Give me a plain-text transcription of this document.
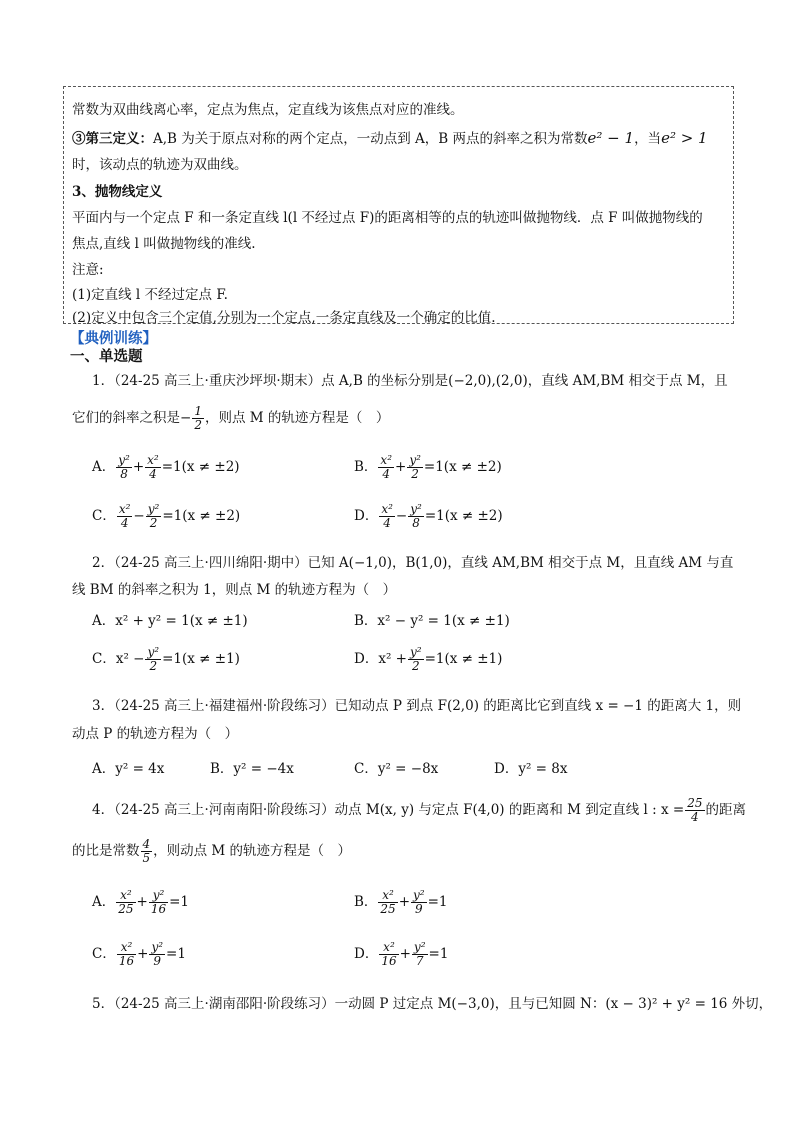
常数为双曲线离心率，定点为焦点，定直线为该焦点对应的准线。
③第三定义：A,B 为关于原点对称的两个定点，一动点到 A，B 两点的斜率之积为常数e² − 1，当e² > 1
时，该动点的轨迹为双曲线。
3、抛物线定义
平面内与一个定点 F 和一条定直线 l(l 不经过点 F)的距离相等的点的轨迹叫做抛物线．点 F 叫做抛物线的
焦点,直线 l 叫做抛物线的准线.
注意:
(1)定直线 l 不经过定点 F.
(2)定义中包含三个定值,分别为一个定点,一条定直线及一个确定的比值.
【典例训练】
一、单选题
1．（24-25 高三上·重庆沙坪坝·期末）点 A,B 的坐标分别是(−2,0),(2,0)，直线 AM,BM 相交于点 M，且
它们的斜率之积是− $\frac{1}{2}$ ，则点 M 的轨迹方程是（　）
A． $\frac{\text{y²}}{8} + \frac{\text{x²}}{4} =1(x \ne \pm 2)$	B． $\frac{\text{x²}}{4} + \frac{\text{y²}}{2} =1(x \ne \pm 2)$
C． $\frac{\text{x²}}{4} - \frac{\text{y²}}{2} =1(x \ne \pm 2)$	D． $\frac{\text{x²}}{4} - \frac{\text{y²}}{8} =1(x \ne \pm 2)$
2．（24-25 高三上·四川绵阳·期中）已知 A(−1,0)，B(1,0)，直线 AM,BM 相交于点 M，且直线 AM 与直
线 BM 的斜率之积为 1，则点 M 的轨迹方程为（　）
A．x² + y² = 1(x ≠ ±1)	B．x² − y² = 1(x ≠ ±1)
C．$x^2 - \frac{\text{y²}}{2} =1(x \ne \pm 1)$	D．$x^2 + \frac{\text{y²}}{2} =1(x \ne \pm 1)$
3．（24-25 高三上·福建福州·阶段练习）已知动点 P 到点 F(2,0) 的距离比它到直线 x = −1 的距离大 1，则
动点 P 的轨迹方程为（　）
A．y² = 4x	B．y² = −4x	C．y² = −8x	D．y² = 8x
4．（24-25 高三上·河南南阳·阶段练习）动点 M(x, y) 与定点 F(4,0) 的距离和 M 到定直线 l : $x = \frac{25}{4}$ 的距离
的比是常数 $\frac{4}{5}$ ，则动点 M 的轨迹方程是（　）
A． $\frac{\text{x²}}{25} + \frac{\text{y²}}{16} =1$	B． $\frac{\text{x²}}{25} + \frac{\text{y²}}{9} =1$
C． $\frac{\text{x²}}{16} + \frac{\text{y²}}{9} =1$	D． $\frac{\text{x²}}{16} + \frac{\text{y²}}{7} =1$
5．（24-25 高三上·湖南邵阳·阶段练习）一动圆 P 过定点 M(−3,0)，且与已知圆 N：(x − 3)² + y² = 16 外切，
